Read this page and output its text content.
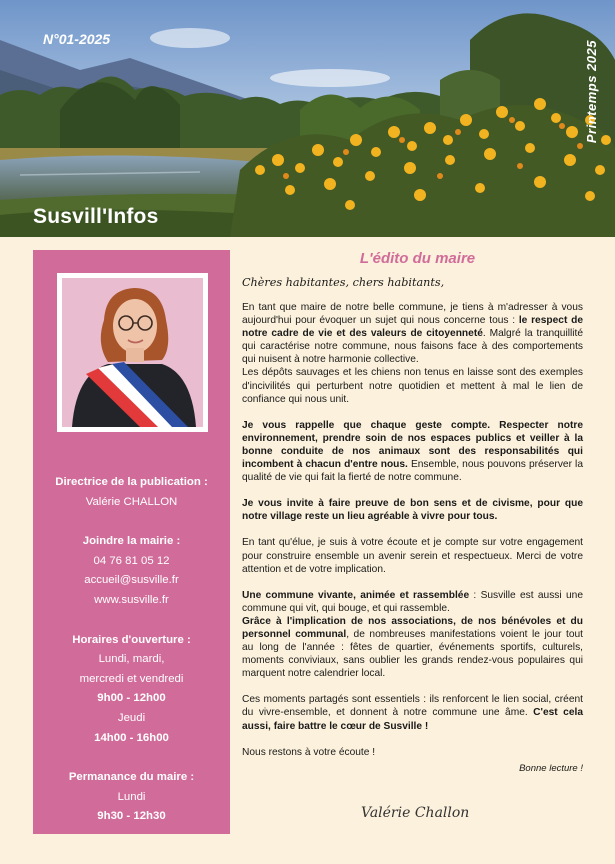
N°01-2025
Printemps 2025
Susvill'Infos
Directrice de la publication :
Valérie CHALLON
Joindre la mairie :
04 76 81 05 12
accueil@susville.fr
www.susville.fr
Horaires d'ouverture :
Lundi, mardi,
mercredi et vendredi
9h00 - 12h00
Jeudi
14h00 - 16h00
Permanance du maire :
Lundi
9h30 - 12h30
L'édito du maire
Chères habitantes, chers habitants,

En tant que maire de notre belle commune, je tiens à m'adresser à vous aujourd'hui pour évoquer un sujet qui nous concerne tous : le respect de notre cadre de vie et des valeurs de citoyenneté. Malgré la tranquillité qui caractérise notre commune, nous faisons face à des comportements qui nuisent à notre harmonie collective.

Les dépôts sauvages et les chiens non tenus en laisse sont des exemples d'incivilités qui perturbent notre quotidien et mettent à mal le lien de confiance qui nous unit.

Je vous rappelle que chaque geste compte. Respecter notre environnement, prendre soin de nos espaces publics et veiller à la bonne conduite de nos animaux sont des responsabilités qui incombent à chacun d'entre nous. Ensemble, nous pouvons préserver la qualité de vie qui fait la fierté de notre commune.

Je vous invite à faire preuve de bon sens et de civisme, pour que notre village reste un lieu agréable à vivre pour tous.

En tant qu'élue, je suis à votre écoute et je compte sur votre engagement pour construire ensemble un avenir serein et respectueux. Merci de votre attention et de votre implication.

Une commune vivante, animée et rassemblée : Susville est aussi une commune qui vit, qui bouge, et qui rassemble.

Grâce à l'implication de nos associations, de nos bénévoles et du personnel communal, de nombreuses manifestations voient le jour tout au long de l'année : fêtes de quartier, événements sportifs, culturels, moments conviviaux, sans oublier les grands rendez-vous populaires qui marquent notre calendrier local.

Ces moments partagés sont essentiels : ils renforcent le lien social, créent du vivre-ensemble, et donnent à notre commune une âme. C'est cela aussi, faire battre le cœur de Susville !

Nous restons à votre écoute !

Bonne lecture !
Valérie Challon
